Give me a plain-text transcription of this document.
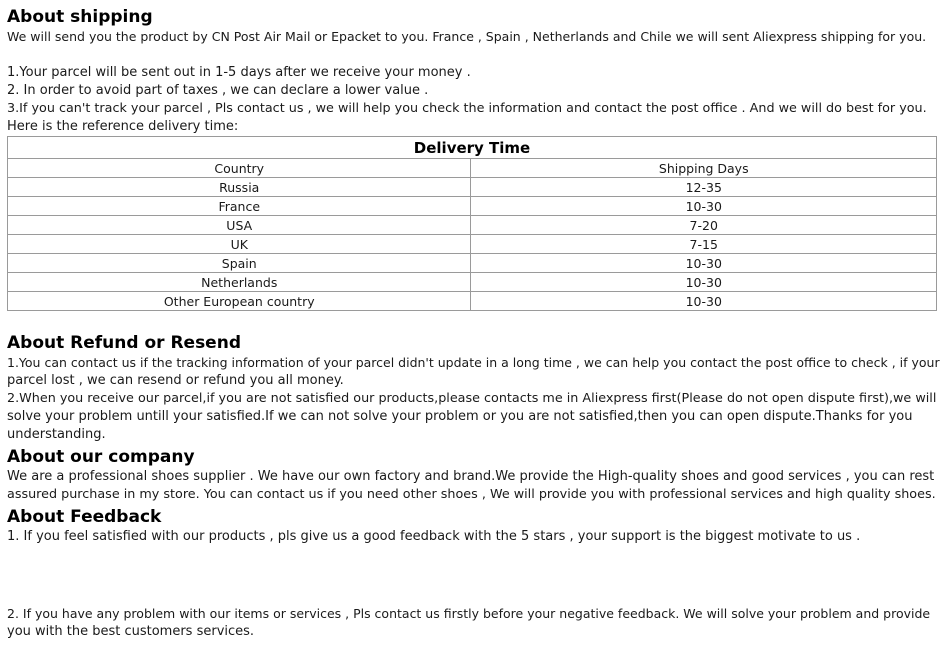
About shipping

We will send you the product by CN Post Air Mail or Epacket to you. France , Spain , Netherlands and Chile we will sent Aliexpress shipping for you.

1.Your parcel will be sent out in 1-5 days after we receive your money .

2. In order to avoid part of taxes , we can declare a lower value .

3.If you can't track your parcel , Pls contact us , we will help you check the information and contact the post office . And we will do best for you.

Here is the reference delivery time:

Delivery Time	
Country	Shipping Days
Russia	12-35
France	10-30
USA	7-20
UK	7-15
Spain	10-30
Netherlands	10-30
Other European country	10-30
About Refund or Resend

1.You can contact us if the tracking information of your parcel didn't update in a long time , we can help you contact the post office to check , if your

parcel lost , we can resend or refund you all money.

2.When you receive our parcel,if you are not satisfied our products,please contacts me in Aliexpress first(Please do not open dispute first),we will

solve your problem untill your satisfied.If we can not solve your problem or you are not satisfied,then you can open dispute.Thanks for you

understanding.

About our company

We are a professional shoes supplier . We have our own factory and brand.We provide the High-quality shoes and good services , you can rest

assured purchase in my store. You can contact us if you need other shoes , We will provide you with professional services and high quality shoes.

About Feedback

1. If you feel satisfied with our products , pls give us a good feedback with the 5 stars , your support is the biggest motivate to us .

2. If you have any problem with our items or services , Pls contact us firstly before your negative feedback. We will solve your problem and provide

you with the best customers services.
